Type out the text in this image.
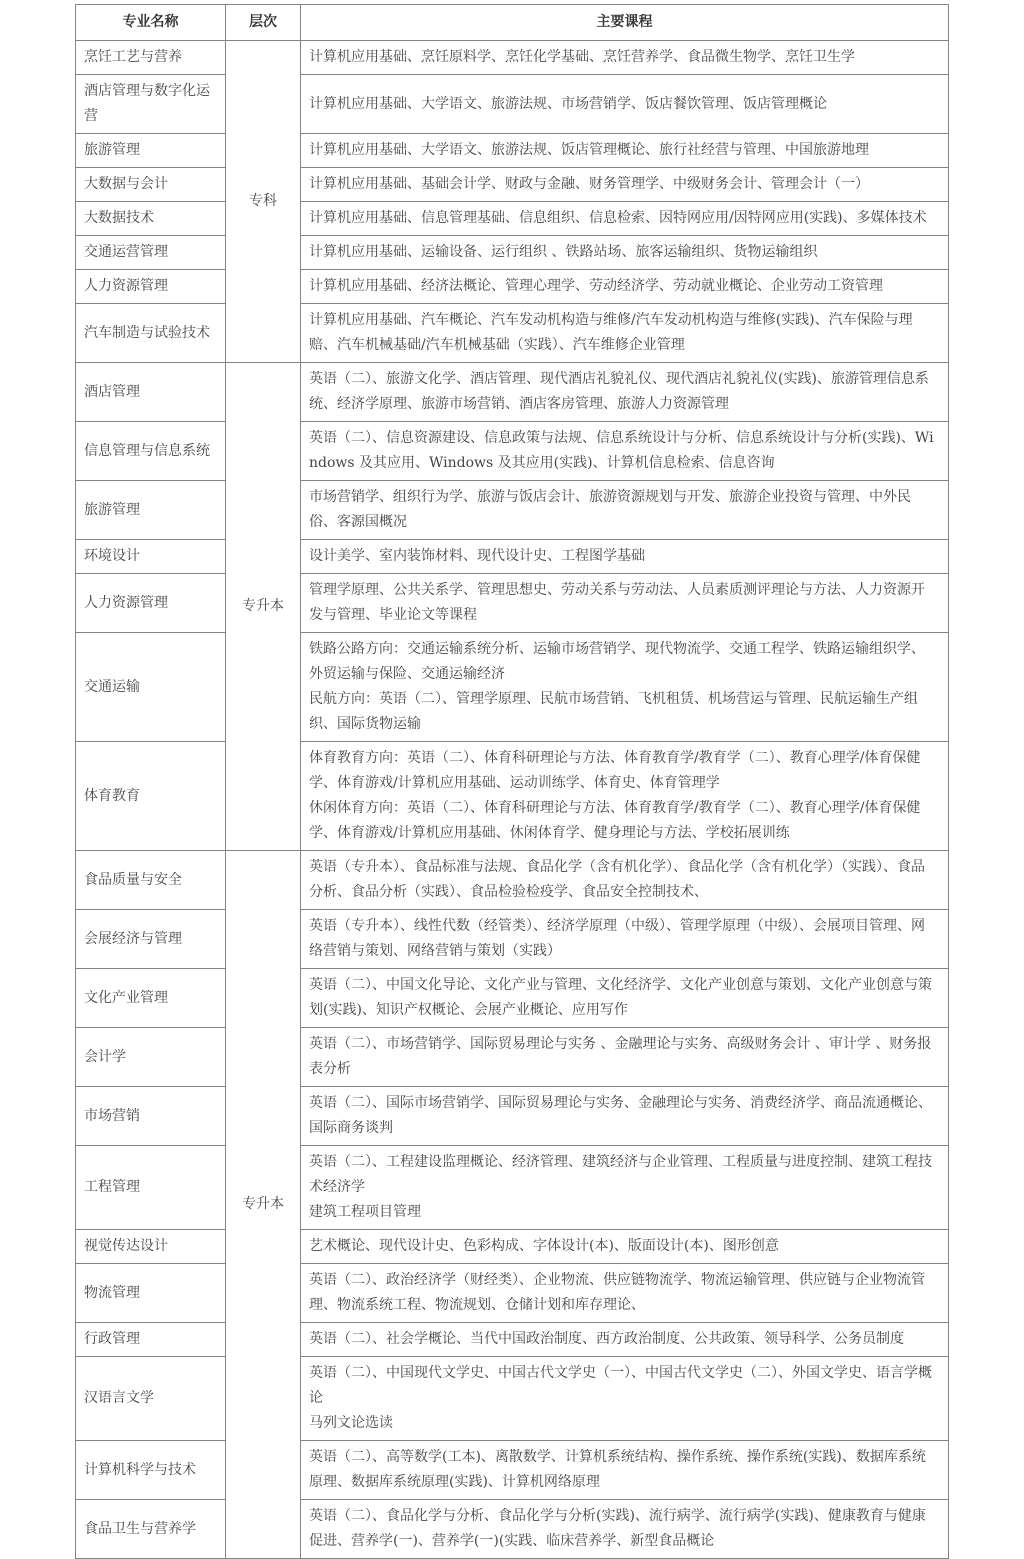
专业名称	层次	主要课程
烹饪工艺与营养	专科	计算机应用基础、烹饪原料学、烹饪化学基础、烹饪营养学、食品微生物学、烹饪卫生学

酒店管理与数字化运营		计算机应用基础、大学语文、旅游法规、市场营销学、饭店餐饮管理、饭店管理概论

旅游管理		计算机应用基础、大学语文、旅游法规、饭店管理概论、旅行社经营与管理、中国旅游地理

大数据与会计		计算机应用基础、基础会计学、财政与金融、财务管理学、中级财务会计、管理会计（一）

大数据技术		计算机应用基础、信息管理基础、信息组织、信息检索、因特网应用/因特网应用(实践)、多媒体技术

交通运营管理		计算机应用基础、运输设备、运行组织 、铁路站场、旅客运输组织、货物运输组织

人力资源管理		计算机应用基础、经济法概论、管理心理学、劳动经济学、劳动就业概论、企业劳动工资管理

汽车制造与试验技术		计算机应用基础、汽车概论、汽车发动机构造与维修/汽车发动机构造与维修(实践)、汽车保险与理赔、汽车机械基础/汽车机械基础（实践）、汽车维修企业管理

酒店管理	专升本	英语（二）、旅游文化学、酒店管理、现代酒店礼貌礼仪、现代酒店礼貌礼仪(实践)、旅游管理信息系统、经济学原理、旅游市场营销、酒店客房管理、旅游人力资源管理

信息管理与信息系统		英语（二）、信息资源建设、信息政策与法规、信息系统设计与分析、信息系统设计与分析(实践)、Windows 及其应用、Windows 及其应用(实践)、计算机信息检索、信息咨询

旅游管理		市场营销学、组织行为学、旅游与饭店会计、旅游资源规划与开发、旅游企业投资与管理、中外民俗、客源国概况

环境设计		设计美学、室内装饰材料、现代设计史、工程图学基础

人力资源管理		管理学原理、公共关系学、管理思想史、劳动关系与劳动法、人员素质测评理论与方法、人力资源开发与管理、毕业论文等课程

交通运输		铁路公路方向：交通运输系统分析、运输市场营销学、现代物流学、交通工程学、铁路运输组织学、外贸运输与保险、交通运输经济
民航方向：英语（二）、管理学原理、民航市场营销、飞机租赁、机场营运与管理、民航运输生产组织、国际货物运输

体育教育		体育教育方向：英语（二）、体育科研理论与方法、体育教育学/教育学（二）、教育心理学/体育保健学、体育游戏/计算机应用基础、运动训练学、体育史、体育管理学
休闲体育方向：英语（二）、体育科研理论与方法、体育教育学/教育学（二）、教育心理学/体育保健学、体育游戏/计算机应用基础、休闲体育学、健身理论与方法、学校拓展训练

食品质量与安全	专升本	英语（专升本）、食品标准与法规、食品化学（含有机化学）、食品化学（含有机化学）（实践）、食品分析、食品分析（实践）、食品检验检疫学、食品安全控制技术、

会展经济与管理		英语（专升本）、线性代数（经管类）、经济学原理（中级）、管理学原理（中级）、会展项目管理、网络营销与策划、网络营销与策划（实践）

文化产业管理		英语（二）、中国文化导论、文化产业与管理、文化经济学、文化产业创意与策划、文化产业创意与策划(实践)、知识产权概论、会展产业概论、应用写作

会计学		英语（二）、市场营销学、国际贸易理论与实务 、金融理论与实务、高级财务会计 、审计学 、财务报表分析

市场营销		英语（二）、国际市场营销学、国际贸易理论与实务、金融理论与实务、消费经济学、商品流通概论、国际商务谈判

工程管理		英语（二）、工程建设监理概论、经济管理、建筑经济与企业管理、工程质量与进度控制、建筑工程技术经济学
建筑工程项目管理

视觉传达设计		艺术概论、现代设计史、色彩构成、字体设计(本)、版面设计(本)、图形创意

物流管理		英语（二）、政治经济学（财经类）、企业物流、供应链物流学、物流运输管理、供应链与企业物流管理、物流系统工程、物流规划、仓储计划和库存理论、

行政管理		英语（二）、社会学概论、当代中国政治制度、西方政治制度、公共政策、领导科学、公务员制度

汉语言文学		英语（二）、中国现代文学史、中国古代文学史（一）、中国古代文学史（二）、外国文学史、语言学概论
马列文论选读

计算机科学与技术		英语（二）、高等数学(工本)、离散数学、计算机系统结构、操作系统、操作系统(实践)、数据库系统原理、数据库系统原理(实践)、计算机网络原理

食品卫生与营养学		英语（二）、食品化学与分析、食品化学与分析(实践)、流行病学、流行病学(实践)、健康教育与健康促进、营养学(一)、营养学(一)(实践、临床营养学、新型食品概论
